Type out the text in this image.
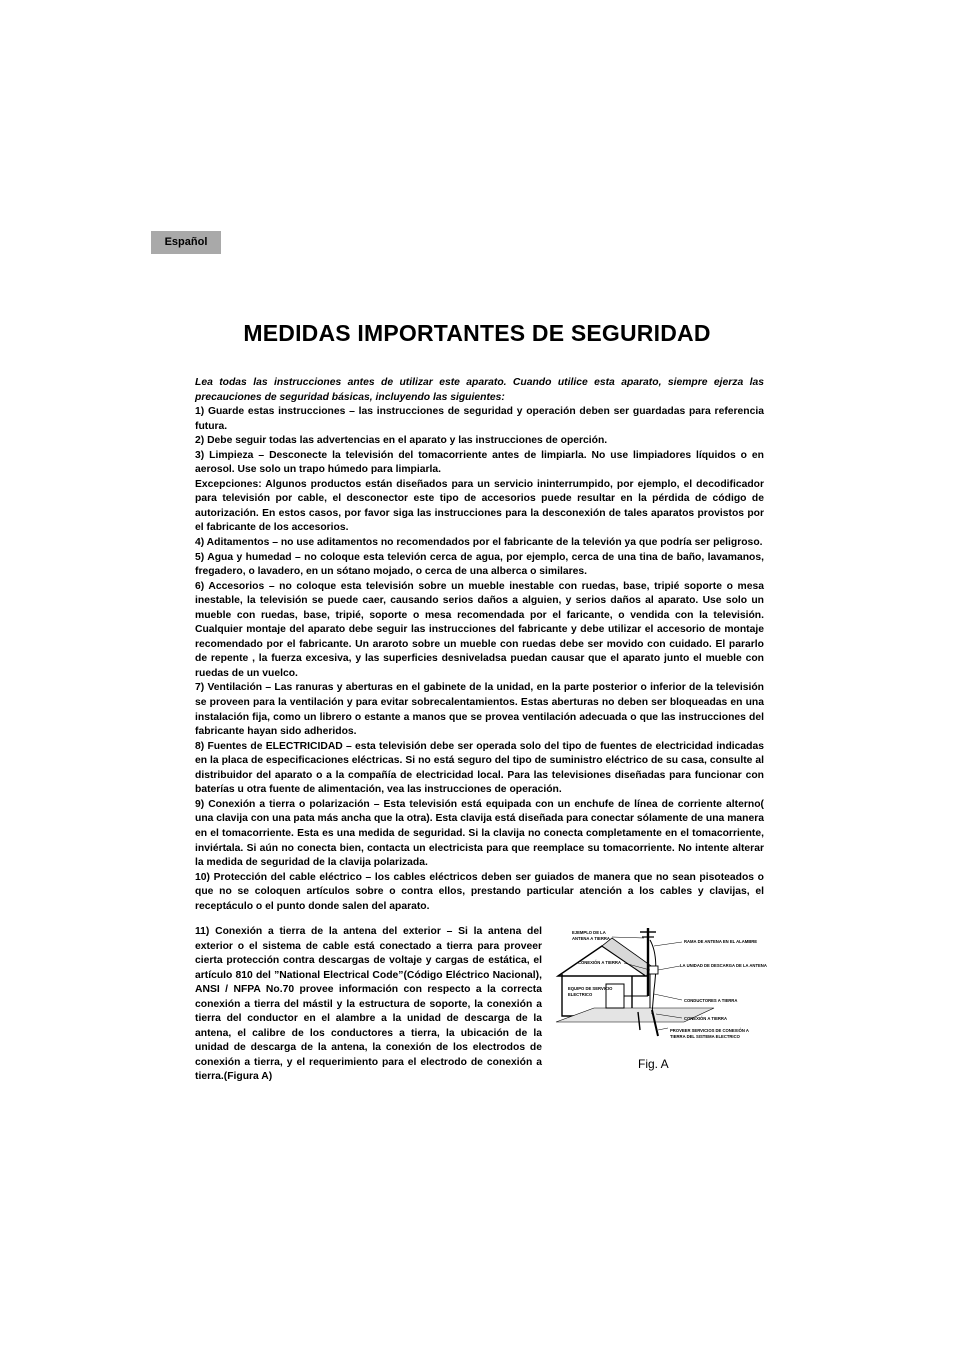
Español
MEDIDAS IMPORTANTES DE SEGURIDAD

Lea todas las instrucciones antes de utilizar este aparato. Cuando utilice esta aparato, siempre ejerza las precauciones de seguridad básicas, incluyendo las siguientes:

1) Guarde estas instrucciones – las instrucciones de seguridad y operación deben ser guardadas para referencia futura.

2) Debe seguir todas las advertencias en el aparato y las instrucciones de operción.

3) Limpieza – Desconecte la televisión del tomacorriente antes de limpiarla. No use limpiadores líquidos o en aerosol. Use solo un trapo húmedo para limpiarla.

Excepciones: Algunos productos están diseñados para un servicio ininterrumpido, por ejemplo, el decodificador para televisión por cable, el desconector este tipo de accesorios puede resultar en la pérdida de código de autorización. En estos casos, por favor siga las instrucciones para la desconexión de tales aparatos provistos por el fabricante de los accesorios.

4) Aditamentos – no use aditamentos no recomendados por el fabricante de la televión ya que podría ser peligroso.

5) Agua y humedad – no coloque esta televión cerca de agua, por ejemplo, cerca de una tina de baño, lavamanos, fregadero, o lavadero, en un sótano mojado, o cerca de una alberca o similares.

6) Accesorios – no coloque esta televisión sobre un mueble inestable con ruedas, base, tripié soporte o mesa inestable, la televisión se puede caer, causando serios daños a alguien, y serios daños al aparato. Use solo un mueble con ruedas, base, tripié, soporte o mesa recomendada por el faricante, o vendida con la televisión. Cualquier montaje del aparato debe seguir las instrucciones del fabricante y debe utilizar el accesorio de montaje recomendado por el fabricante. Un araroto sobre un mueble con ruedas debe ser movido con cuidado. El pararlo de repente , la fuerza excesiva, y las superficies desniveladsa puedan causar que el aparato junto el mueble con ruedas de un vuelco.

7) Ventilación – Las ranuras y aberturas en el gabinete de la unidad, en la parte posterior o inferior de la televisión se proveen para la ventilación y para evitar sobrecalentamientos. Estas aberturas no deben ser bloqueadas en una instalación fija, como un librero o estante a manos que se provea ventilación adecuada o que las instrucciones del fabricante hayan sido adheridos.

8) Fuentes de ELECTRICIDAD – esta televisión debe ser operada solo del tipo de fuentes de electricidad indicadas en la placa de especificaciones eléctricas. Si no está seguro del tipo de suministro eléctrico de su casa, consulte al distribuidor del aparato o a la compañía de electricidad local. Para las televisiones diseñadas para funcionar con baterías u otra fuente de alimentación, vea las instrucciones de operación.

9) Conexión a tierra o polarización – Esta televisión está equipada con un enchufe de línea de corriente alterno( una clavija con una pata más ancha que la otra). Esta clavija está diseñada para conectar sólamente de una manera en el tomacorriente. Esta es una medida de seguridad. Si la clavija no conecta completamente en el tomacorriente, inviértala. Si aún no conecta bien, contacta un electricista para que reemplace su tomacorriente. No intente alterar la medida de seguridad de la clavija polarizada.

10) Protección del cable eléctrico – los cables eléctricos deben ser guiados de manera que no sean pisoteados o que no se coloquen artículos sobre o contra ellos, prestando particular atención a los cables y clavijas, el receptáculo o el punto donde salen del aparato.

11) Conexión a tierra de la antena del exterior – Si la antena del exterior o el sistema de cable está conectado a tierra para proveer cierta protección contra descargas de voltaje y cargas de estática, el artículo 810 del ”National Electrical Code”(Código Eléctrico Nacional), ANSI / NFPA No.70 provee información con respecto a la correcta conexión a tierra del mástil y la estructura de soporte, la conexión a tierra del conductor en el alambre a la unidad de descarga de la antena, el calibre de los conductores a tierra, la ubicación de la unidad de descarga de la antena, la conexión de los electrodos de conexión a tierra, y el requerimiento para el electrodo de conexión a tierra.(Figura A)

EJEMPLO DE LA
ANTENA A TIERRA
RAMA DE ANTENA EN EL ALAMBRE
CONEXIÓN A TIERRA
LA UNIDAD DE DESCARGA DE LA ANTENA
EQUIPO DE SERVICIO
ELECTRICO
CONDUCTORES A TIERRA
CONEXIÓN A TIERRA
PROVEER SERVICIOS DE CONEXIÓN A
TIERRA DEL SISTEMA ELECTRICO
Fig. A
